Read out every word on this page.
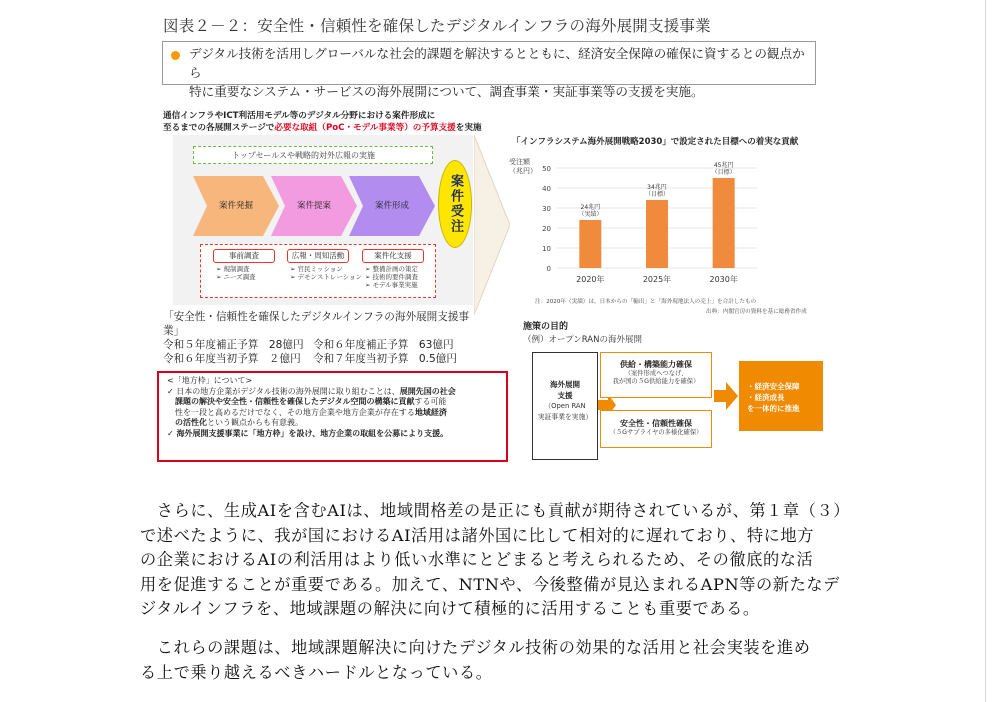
図表２－２：安全性・信頼性を確保したデジタルインフラの海外展開支援事業
デジタル技術を活用しグローバルな社会的課題を解決するとともに、経済安全保障の確保に資するとの観点から
特に重要なシステム・サービスの海外展開について、調査事業・実証事業等の支援を実施。
通信インフラやICT利活用モデル等のデジタル分野における案件形成に
至るまでの各展開ステージで必要な取組（PoC・モデル事業等）の予算支援を実施
トップセールスや戦略的対外広報の実施
案件発掘	案件提案	案件形成	案件受注
事前調査	広報・周知活動	案件化支援
➢ 規制調査
➢ ニーズ調査
➢ 官民ミッション
➢ デモンストレーション
➢ 整備計画の策定
➢ 技術的要件調査
➢ モデル事業実施
「安全性・信頼性を確保したデジタルインフラの海外展開支援事業」
令和５年度補正予算　28億円 令和６年度補正予算　63億円
令和６年度当初予算　２億円	令和７年度当初予算　0.5億円
「インフラシステム海外展開戦略2030」で設定された目標への着実な貢献
受注額
（兆円）
0
10
20
30
40
50
24兆円
（実績）
2020年
34兆円
（目標）
2025年
45兆円
（目標）
2030年
注：2020年（実績）は、日本からの「輸出」と「海外現地法人の売上」を合計したもの
出典：内閣官房の資料を基に総務省作成
施策の目的
（例）オープンRANの海外展開
海外展開
支援
（Open RAN
実証事業を実施）
供給・構築能力確保
（案件形成へつなげ、
我が国の５G供給能力を確保）
安全性・信頼性確保
（５Gサプライヤの多様化確保）
・経済安全保障
・経済成長
を一体的に推進
<「地方枠」について>
✓ 日本の地方企業がデジタル技術の海外展開に取り組むことは、展開先国の社会
　課題の解決や安全性・信頼性を確保したデジタル空間の構築に貢献する可能
　性を一段と高めるだけでなく、その地方企業や地方企業が存在する地域経済
　の活性化という観点からも有意義。
✓ 海外展開支援事業に「地方枠」を設け、地方企業の取組を公募により支援。
　さらに、生成AIを含むAIは、地域間格差の是正にも貢献が期待されているが、第１章（３）
で述べたように、我が国におけるAI活用は諸外国に比して相対的に遅れており、特に地方
の企業におけるAIの利活用はより低い水準にとどまると考えられるため、その徹底的な活
用を促進することが重要である。加えて、NTNや、今後整備が見込まれるAPN等の新たなデ
ジタルインフラを、地域課題の解決に向けて積極的に活用することも重要である。
　これらの課題は、地域課題解決に向けたデジタル技術の効果的な活用と社会実装を進め
る上で乗り越えるべきハードルとなっている。
